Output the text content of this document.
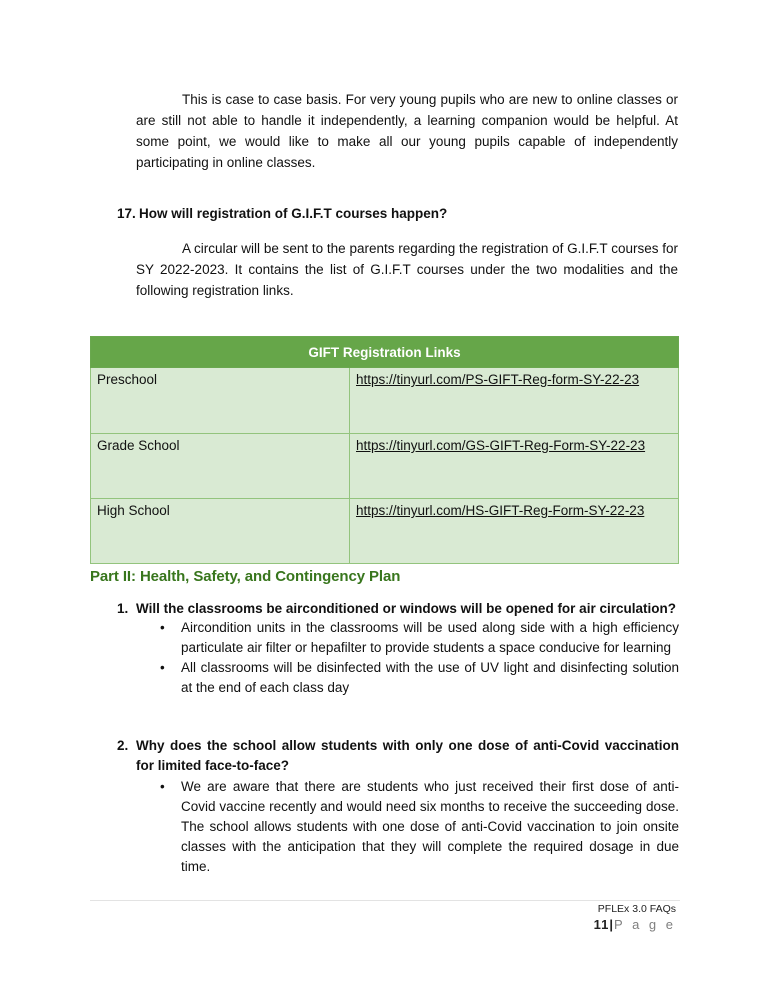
This is case to case basis. For very young pupils who are new to online classes or are still not able to handle it independently, a learning companion would be helpful. At some point, we would like to make all our young pupils capable of independently participating in online classes.
17. How will registration of G.I.F.T courses happen?
A circular will be sent to the parents regarding the registration of G.I.F.T courses for SY 2022-2023. It contains the list of G.I.F.T courses under the two modalities and the following registration links.
GIFT Registration Links	
Preschool	https://tinyurl.com/PS-GIFT-Reg-form-SY-22-23
Grade School	https://tinyurl.com/GS-GIFT-Reg-Form-SY-22-23
High School	https://tinyurl.com/HS-GIFT-Reg-Form-SY-22-23
Part II: Health, Safety, and Contingency Plan
1. Will the classrooms be airconditioned or windows will be opened for air circulation?
•	Aircondition units in the classrooms will be used along side with a high efficiency particulate air filter or hepafilter to provide students a space conducive for learning
•	All classrooms will be disinfected with the use of UV light and disinfecting solution at the end of each class day
2. Why does the school allow students with only one dose of anti-Covid vaccination for limited face-to-face?
•	We are aware that there are students who just received their first dose of anti-Covid vaccine recently and would need six months to receive the succeeding dose. The school allows students with one dose of anti-Covid vaccination to join onsite classes with the anticipation that they will complete the required dosage in due time.
PFLEx 3.0 FAQs
11|P a g e
